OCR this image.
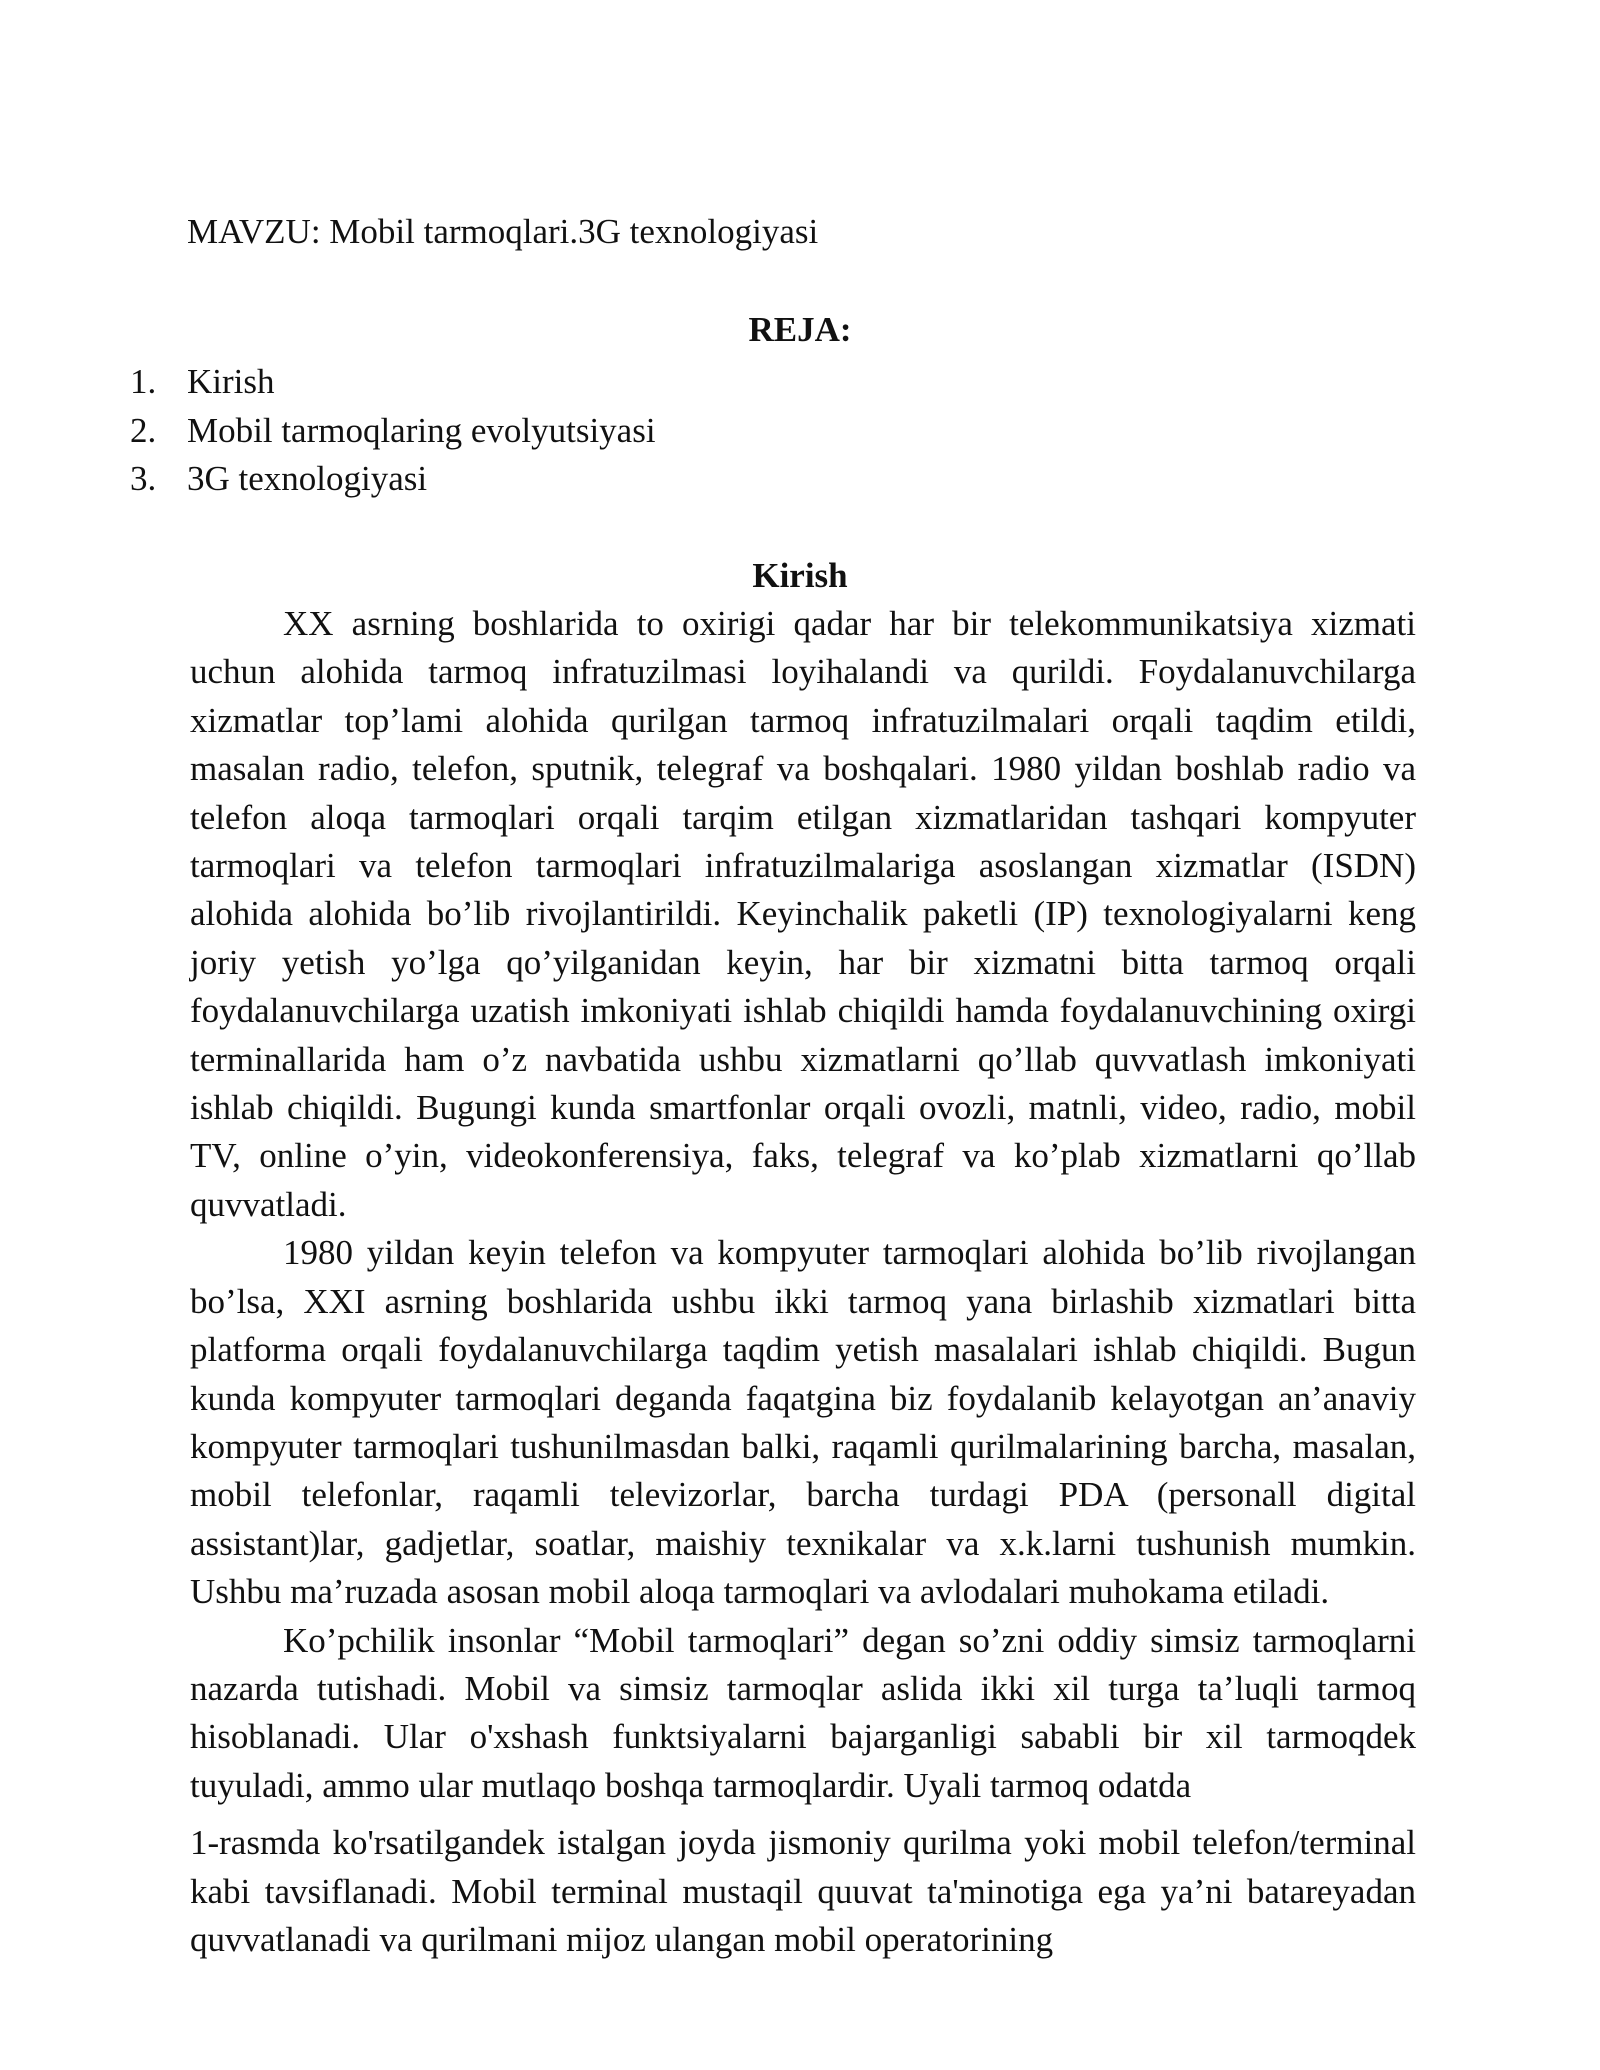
MAVZU: Mobil tarmoqlari.3G texnologiyasi
REJA:
1. Kirish
2. Mobil tarmoqlaring evolyutsiyasi
3. 3G texnologiyasi
Kirish

XX asrning boshlarida to oxirigi qadar har bir telekommunikatsiya xizmati uchun alohida tarmoq infratuzilmasi loyihalandi va qurildi. Foydalanuvchilarga xizmatlar top’lami alohida qurilgan tarmoq infratuzilmalari orqali taqdim etildi, masalan radio, telefon, sputnik, telegraf va boshqalari. 1980 yildan boshlab radio va telefon aloqa tarmoqlari orqali tarqim etilgan xizmatlaridan tashqari kompyuter tarmoqlari va telefon tarmoqlari infratuzilmalariga asoslangan xizmatlar (ISDN) alohida alohida bo’lib rivojlantirildi. Keyinchalik paketli (IP) texnologiyalarni keng joriy yetish yo’lga qo’yilganidan keyin, har bir xizmatni bitta tarmoq orqali foydalanuvchilarga uzatish imkoniyati ishlab chiqildi hamda foydalanuvchining oxirgi terminallarida ham o’z navbatida ushbu xizmatlarni qo’llab quvvatlash imkoniyati ishlab chiqildi. Bugungi kunda smartfonlar orqali ovozli, matnli, video, radio, mobil TV, online o’yin, videokonferensiya, faks, telegraf va ko’plab xizmatlarni qo’llab quvvatladi.

1980 yildan keyin telefon va kompyuter tarmoqlari alohida bo’lib rivojlangan bo’lsa, XXI asrning boshlarida ushbu ikki tarmoq yana birlashib xizmatlari bitta platforma orqali foydalanuvchilarga taqdim yetish masalalari ishlab chiqildi. Bugun kunda kompyuter tarmoqlari deganda faqatgina biz foydalanib kelayotgan an’anaviy kompyuter tarmoqlari tushunilmasdan balki, raqamli qurilmalarining barcha, masalan, mobil telefonlar, raqamli televizorlar, barcha turdagi PDA (personall digital assistant)lar, gadjetlar, soatlar, maishiy texnikalar va x.k.larni tushunish mumkin. Ushbu ma’ruzada asosan mobil aloqa tarmoqlari va avlodalari muhokama etiladi.

Ko’pchilik insonlar “Mobil tarmoqlari” degan so’zni oddiy simsiz tarmoqlarni nazarda tutishadi. Mobil va simsiz tarmoqlar aslida ikki xil turga ta’luqli tarmoq hisoblanadi. Ular o'xshash funktsiyalarni bajarganligi sababli bir xil tarmoqdek tuyuladi, ammo ular mutlaqo boshqa tarmoqlardir. Uyali tarmoq odatda

1-rasmda ko'rsatilgandek istalgan joyda jismoniy qurilma yoki mobil telefon/terminal kabi tavsiflanadi. Mobil terminal mustaqil quuvat ta'minotiga ega ya’ni batareyadan quvvatlanadi va qurilmani mijoz ulangan mobil operatorining
